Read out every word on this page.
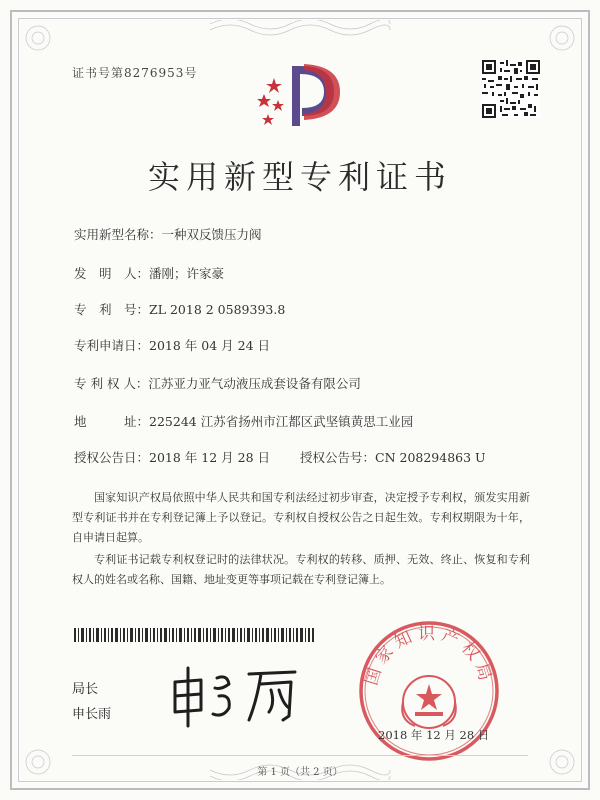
证书号第8276953号
实用新型专利证书
实用新型名称：一种双反馈压力阀
发　明　人：潘刚；许家豪
专　利　号：ZL 2018 2 0589393.8
专利申请日：2018 年 04 月 24 日
专 利 权 人：江苏亚力亚气动液压成套设备有限公司
地　　　址：225244 江苏省扬州市江都区武坚镇黄思工业园
授权公告日：2018 年 12 月 28 日 授权公告号：CN 208294863 U
国家知识产权局依照中华人民共和国专利法经过初步审查，决定授予专利权，颁发实用新型专利证书并在专利登记簿上予以登记。专利权自授权公告之日起生效。专利权期限为十年，自申请日起算。
专利证书记载专利权登记时的法律状况。专利权的转移、质押、无效、终止、恢复和专利权人的姓名或名称、国籍、地址变更等事项记载在专利登记簿上。
局长
申长雨
国家知识产权局
2018 年 12 月 28 日
第 1 页（共 2 页）
